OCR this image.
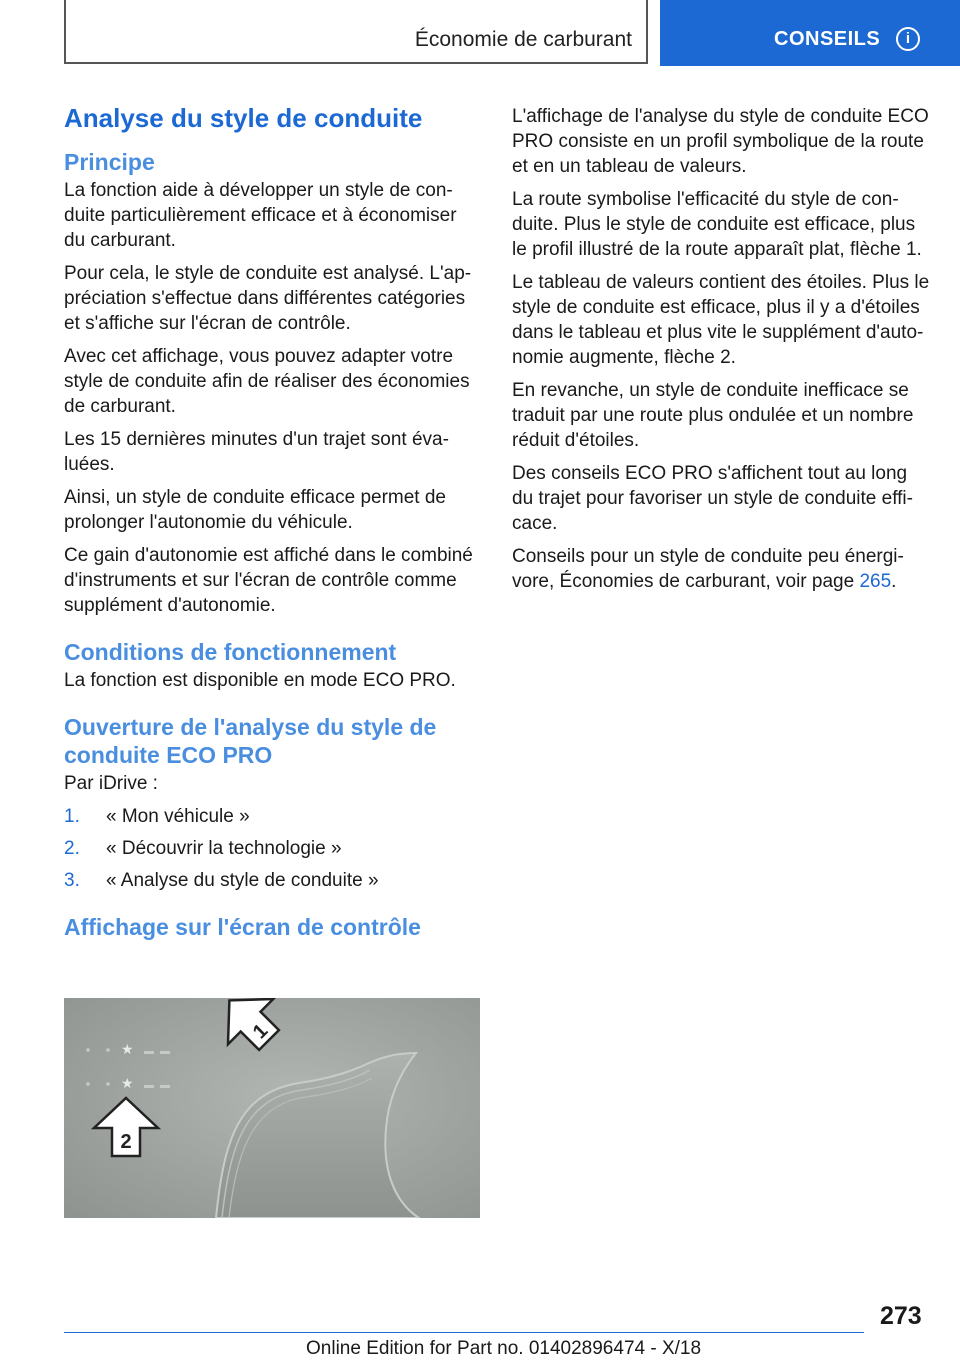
Économie de carburant	CONSEILS	i
Analyse du style de conduite
Principe

La fonction aide à développer un style de conduite particulièrement efficace et à économiser du carburant.

Pour cela, le style de conduite est analysé. L'appréciation s'effectue dans différentes catégories et s'affiche sur l'écran de contrôle.

Avec cet affichage, vous pouvez adapter votre style de conduite afin de réaliser des économies de carburant.

Les 15 dernières minutes d'un trajet sont évaluées.

Ainsi, un style de conduite efficace permet de prolonger l'autonomie du véhicule.

Ce gain d'autonomie est affiché dans le combiné d'instruments et sur l'écran de contrôle comme supplément d'autonomie.

Conditions de fonctionnement

La fonction est disponible en mode ECO PRO.

Ouverture de l'analyse du style de conduite ECO PRO

Par iDrive :

1. « Mon véhicule »
2. « Découvrir la technologie »
3. « Analyse du style de conduite »
Affichage sur l'écran de contrôle
★
★
1
2

L'affichage de l'analyse du style de conduite ECO PRO consiste en un profil symbolique de la route et en un tableau de valeurs.

La route symbolise l'efficacité du style de conduite. Plus le style de conduite est efficace, plus le profil illustré de la route apparaît plat, flèche 1.

Le tableau de valeurs contient des étoiles. Plus le style de conduite est efficace, plus il y a d'étoiles dans le tableau et plus vite le supplément d'autonomie augmente, flèche 2.

En revanche, un style de conduite inefficace se traduit par une route plus ondulée et un nombre réduit d'étoiles.

Des conseils ECO PRO s'affichent tout au long du trajet pour favoriser un style de conduite efficace.

Conseils pour un style de conduite peu énergivore, Économies de carburant, voir page 265.

273
Online Edition for Part no. 01402896474 - X/18
